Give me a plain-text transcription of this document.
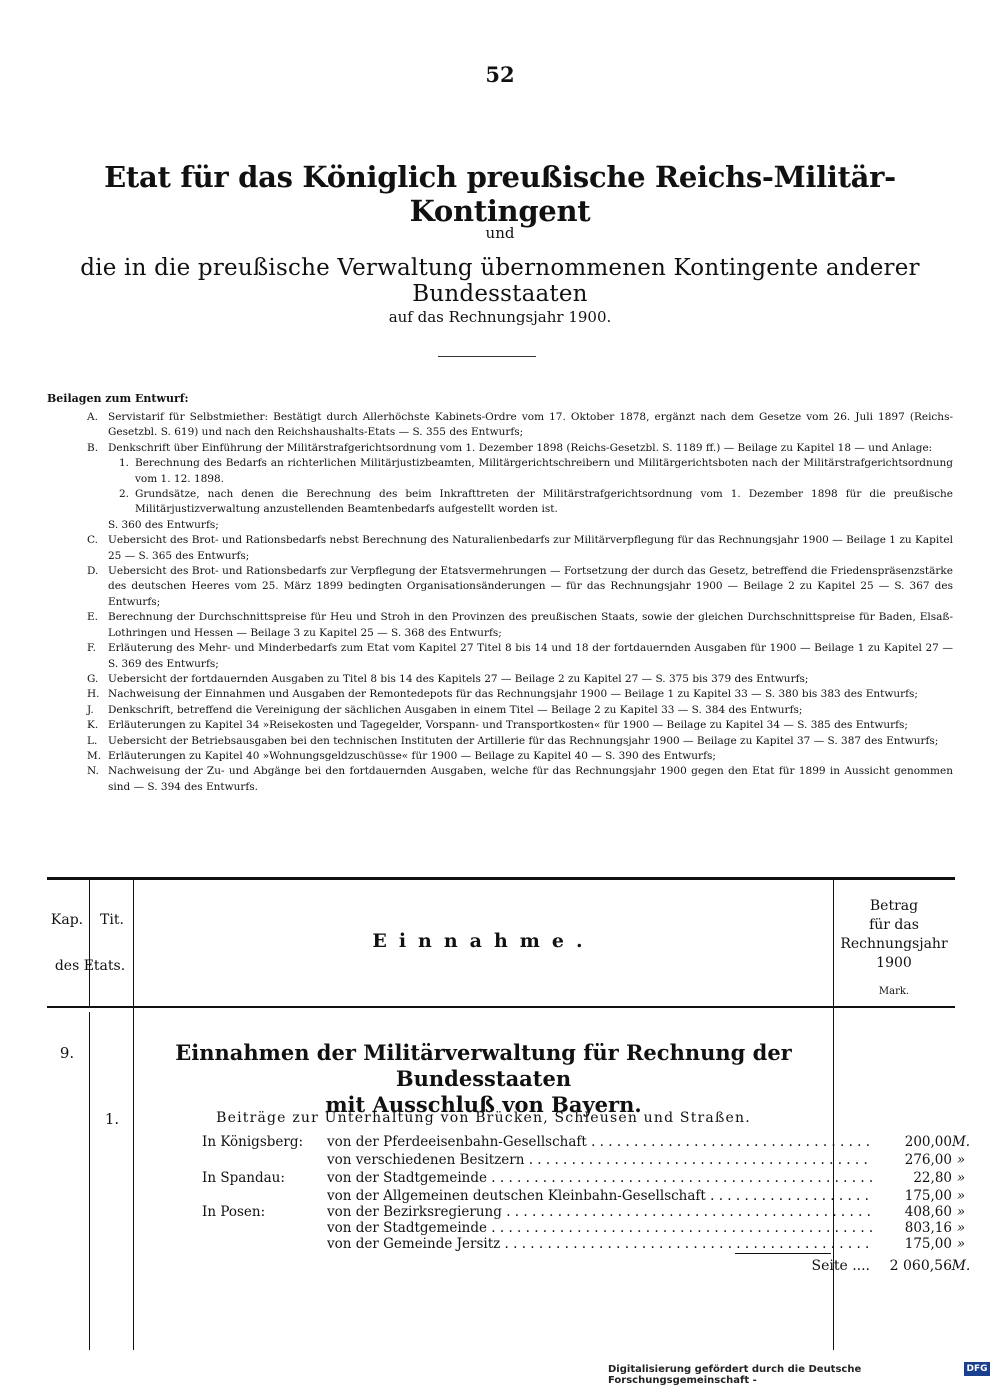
52
Etat für das Königlich preußische Reichs-Militär-Kontingent
und
die in die preußische Verwaltung übernommenen Kontingente anderer Bundesstaaten
auf das Rechnungsjahr 1900.
Beilagen zum Entwurf:
A. Servistarif für Selbstmiether: Bestätigt durch Allerhöchste Kabinets-Ordre vom 17. Oktober 1878, ergänzt nach dem Gesetze vom 26. Juli 1897 (Reichs-Gesetzbl. S. 619) und nach den Reichshaushalts-Etats — S. 355 des Entwurfs;
B. Denkschrift über Einführung der Militärstrafgerichtsordnung vom 1. Dezember 1898 (Reichs-Gesetzbl. S. 1189 ff.) — Beilage zu Kapitel 18 — und Anlage:
1. Berechnung des Bedarfs an richterlichen Militärjustizbeamten, Militärgerichtschreibern und Militärgerichtsboten nach der Militärstrafgerichtsordnung vom 1. 12. 1898.
2. Grundsätze, nach denen die Berechnung des beim Inkrafttreten der Militärstrafgerichtsordnung vom 1. Dezember 1898 für die preußische Militärjustizverwaltung anzustellenden Beamtenbedarfs aufgestellt worden ist.
S. 360 des Entwurfs;
C. Uebersicht des Brot- und Rationsbedarfs nebst Berechnung des Naturalienbedarfs zur Militärverpflegung für das Rechnungsjahr 1900 — Beilage 1 zu Kapitel 25 — S. 365 des Entwurfs;
D. Uebersicht des Brot- und Rationsbedarfs zur Verpflegung der Etatsvermehrungen — Fortsetzung der durch das Gesetz, betreffend die Friedenspräsenzstärke des deutschen Heeres vom 25. März 1899 bedingten Organisationsänderungen — für das Rechnungsjahr 1900 — Beilage 2 zu Kapitel 25 — S. 367 des Entwurfs;
E. Berechnung der Durchschnittspreise für Heu und Stroh in den Provinzen des preußischen Staats, sowie der gleichen Durchschnittspreise für Baden, Elsaß-Lothringen und Hessen — Beilage 3 zu Kapitel 25 — S. 368 des Entwurfs;
F. Erläuterung des Mehr- und Minderbedarfs zum Etat vom Kapitel 27 Titel 8 bis 14 und 18 der fortdauernden Ausgaben für 1900 — Beilage 1 zu Kapitel 27 — S. 369 des Entwurfs;
G. Uebersicht der fortdauernden Ausgaben zu Titel 8 bis 14 des Kapitels 27 — Beilage 2 zu Kapitel 27 — S. 375 bis 379 des Entwurfs;
H. Nachweisung der Einnahmen und Ausgaben der Remontedepots für das Rechnungsjahr 1900 — Beilage 1 zu Kapitel 33 — S. 380 bis 383 des Entwurfs;
J. Denkschrift, betreffend die Vereinigung der sächlichen Ausgaben in einem Titel — Beilage 2 zu Kapitel 33 — S. 384 des Entwurfs;
K. Erläuterungen zu Kapitel 34 »Reisekosten und Tagegelder, Vorspann- und Transportkosten« für 1900 — Beilage zu Kapitel 34 — S. 385 des Entwurfs;
L. Uebersicht der Betriebsausgaben bei den technischen Instituten der Artillerie für das Rechnungsjahr 1900 — Beilage zu Kapitel 37 — S. 387 des Entwurfs;
M. Erläuterungen zu Kapitel 40 »Wohnungsgeldzuschüsse« für 1900 — Beilage zu Kapitel 40 — S. 390 des Entwurfs;
N. Nachweisung der Zu- und Abgänge bei den fortdauernden Ausgaben, welche für das Rechnungsjahr 1900 gegen den Etat für 1899 in Aussicht genommen sind — S. 394 des Entwurfs.
Kap.	Tit.
des Etats.
Einnahme.
Betrag
für das
Rechnungsjahr
1900
Mark.
9.	Einnahmen der Militärverwaltung für Rechnung der Bundesstaaten
mit Ausschluß von Bayern.
1.	Beiträge zur Unterhaltung von Brücken, Schleusen und Straßen.
In Königsberg: von der Pferdeeisenbahn-Gesellschaft . . .	200,00 M.
von verschiedenen Besitzern . . .	276,00 »
In Spandau:	von der Stadtgemeinde . . .	22,80 »
von der Allgemeinen deutschen Kleinbahn-Gesellschaft . . .	175,00 »
In Posen:	von der Bezirksregierung . . .	408,60 »
von der Stadtgemeinde . . .	803,16 »
von der Gemeinde Jersitz . . .	175,00 »
Seite ....	2 060,56 M.
Digitalisierung gefördert durch die Deutsche Forschungsgemeinschaft -
DFG
